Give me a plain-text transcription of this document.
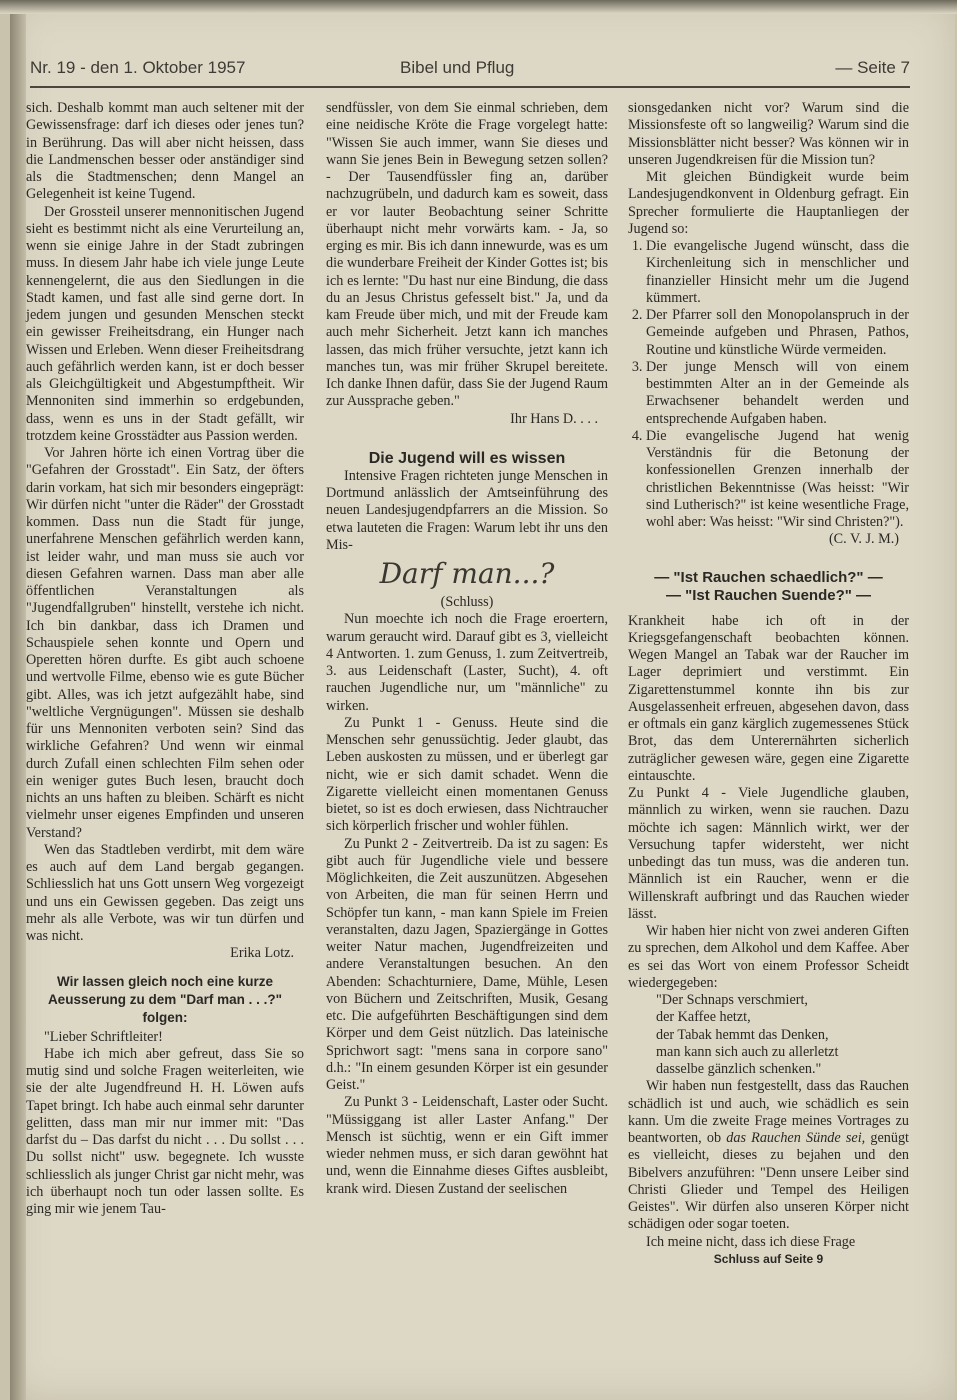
Nr. 19 - den 1. Oktober 1957	Bibel und Pflug	— Seite 7

sich. Deshalb kommt man auch seltener mit der Gewissensfrage: darf ich dieses oder jenes tun? in Berührung. Das will aber nicht heissen, dass die Landmenschen besser oder anständiger sind als die Stadtmenschen; denn Mangel an Gelegenheit ist keine Tugend.

Der Grossteil unserer mennonitischen Jugend sieht es bestimmt nicht als eine Verurteilung an, wenn sie einige Jahre in der Stadt zubringen muss. In diesem Jahr habe ich viele junge Leute kennengelernt, die aus den Siedlungen in die Stadt kamen, und fast alle sind gerne dort. In jedem jungen und gesunden Menschen steckt ein gewisser Freiheitsdrang, ein Hunger nach Wissen und Erleben. Wenn dieser Freiheitsdrang auch gefährlich werden kann, ist er doch besser als Gleichgültigkeit und Abgestumpftheit. Wir Mennoniten sind immerhin so erdgebunden, dass, wenn es uns in der Stadt gefällt, wir trotzdem keine Grosstädter aus Passion werden.

Vor Jahren hörte ich einen Vortrag über die "Gefahren der Grosstadt". Ein Satz, der öfters darin vorkam, hat sich mir besonders eingeprägt: Wir dürfen nicht "unter die Räder" der Grosstadt kommen. Dass nun die Stadt für junge, unerfahrene Menschen gefährlich werden kann, ist leider wahr, und man muss sie auch vor diesen Gefahren warnen. Dass man aber alle öffentlichen Veranstaltungen als "Jugendfallgruben" hinstellt, verstehe ich nicht. Ich bin dankbar, dass ich Dramen und Schauspiele sehen konnte und Opern und Operetten hören durfte. Es gibt auch schoene und wertvolle Filme, ebenso wie es gute Bücher gibt. Alles, was ich jetzt aufgezählt habe, sind "weltliche Vergnügungen". Müssen sie deshalb für uns Mennoniten verboten sein? Sind das wirkliche Gefahren? Und wenn wir einmal durch Zufall einen schlechten Film sehen oder ein weniger gutes Buch lesen, braucht doch nichts an uns haften zu bleiben. Schärft es nicht vielmehr unser eigenes Empfinden und unseren Verstand?

Wen das Stadtleben verdirbt, mit dem wäre es auch auf dem Land bergab gegangen. Schliesslich hat uns Gott unsern Weg vorgezeigt und uns ein Gewissen gegeben. Das zeigt uns mehr als alle Verbote, was wir tun dürfen und was nicht.

Erika Lotz.

Wir lassen gleich noch eine kurze Aeusserung zu dem "Darf man . . .?" folgen:

"Lieber Schriftleiter!

Habe ich mich aber gefreut, dass Sie so mutig sind und solche Fragen weiterleiten, wie sie der alte Jugendfreund H. H. Löwen aufs Tapet bringt. Ich habe auch einmal sehr darunter gelitten, dass man mir nur immer mit: "Das darfst du – Das darfst du nicht . . . Du sollst . . . Du sollst nicht" usw. begegnete. Ich wusste schliesslich als junger Christ gar nicht mehr, was ich überhaupt noch tun oder lassen sollte. Es ging mir wie jenem Tau-

sendfüssler, von dem Sie einmal schrieben, dem eine neidische Kröte die Frage vorgelegt hatte: "Wissen Sie auch immer, wann Sie dieses und wann Sie jenes Bein in Bewegung setzen sollen? - Der Tausendfüssler fing an, darüber nachzugrübeln, und dadurch kam es soweit, dass er vor lauter Beobachtung seiner Schritte überhaupt nicht mehr vorwärts kam. - Ja, so erging es mir. Bis ich dann innewurde, was es um die wunderbare Freiheit der Kinder Gottes ist; bis ich es lernte: "Du hast nur eine Bindung, die dass du an Jesus Christus gefesselt bist." Ja, und da kam Freude über mich, und mit der Freude kam auch mehr Sicherheit. Jetzt kann ich manches lassen, das mich früher versuchte, jetzt kann ich manches tun, was mir früher Skrupel bereitete. Ich danke Ihnen dafür, dass Sie der Jugend Raum zur Aussprache geben."

Ihr Hans D. . . .

Die Jugend will es wissen

Intensive Fragen richteten junge Menschen in Dortmund anlässlich der Amtseinführung des neuen Landesjugendpfarrers an die Mission. So etwa lauteten die Fragen: Warum lebt ihr uns den Mis-

Darf man...?

(Schluss)

Nun moechte ich noch die Frage eroertern, warum geraucht wird. Darauf gibt es 3, vielleicht 4 Antworten. 1. zum Genuss, 1. zum Zeitvertreib, 3. aus Leidenschaft (Laster, Sucht), 4. oft rauchen Jugendliche nur, um "männliche" zu wirken.

Zu Punkt 1 - Genuss. Heute sind die Menschen sehr genussüchtig. Jeder glaubt, das Leben auskosten zu müssen, und er überlegt gar nicht, wie er sich damit schadet. Wenn die Zigarette vielleicht einen momentanen Genuss bietet, so ist es doch erwiesen, dass Nichtraucher sich körperlich frischer und wohler fühlen.

Zu Punkt 2 - Zeitvertreib. Da ist zu sagen: Es gibt auch für Jugendliche viele und bessere Möglichkeiten, die Zeit auszunützen. Abgesehen von Arbeiten, die man für seinen Herrn und Schöpfer tun kann, - man kann Spiele im Freien veranstalten, dazu Jagen, Spaziergänge in Gottes weiter Natur machen, Jugendfreizeiten und andere Veranstaltungen besuchen. An den Abenden: Schachturniere, Dame, Mühle, Lesen von Büchern und Zeitschriften, Musik, Gesang etc. Die aufgeführten Beschäftigungen sind dem Körper und dem Geist nützlich. Das lateinische Sprichwort sagt: "mens sana in corpore sano" d.h.: "In einem gesunden Körper ist ein gesunder Geist."

Zu Punkt 3 - Leidenschaft, Laster oder Sucht. "Müssiggang ist aller Laster Anfang." Der Mensch ist süchtig, wenn er ein Gift immer wieder nehmen muss, er sich daran gewöhnt hat und, wenn die Einnahme dieses Giftes ausbleibt, krank wird. Diesen Zustand der seelischen

sionsgedanken nicht vor? Warum sind die Missionsfeste oft so langweilig? Warum sind die Missionsblätter nicht besser? Was können wir in unseren Jugendkreisen für die Mission tun?

Mit gleichen Bündigkeit wurde beim Landesjugendkonvent in Oldenburg gefragt. Ein Sprecher formulierte die Hauptanliegen der Jugend so:

1. Die evangelische Jugend wünscht, dass die Kirchenleitung sich in menschlicher und finanzieller Hinsicht mehr um die Jugend kümmert.
2. Der Pfarrer soll den Monopolanspruch in der Gemeinde aufgeben und Phrasen, Pathos, Routine und künstliche Würde vermeiden.
3. Der junge Mensch will von einem bestimmten Alter an in der Gemeinde als Erwachsener behandelt werden und entsprechende Aufgaben haben.
4. Die evangelische Jugend hat wenig Verständnis für die Betonung der konfessionellen Grenzen innerhalb der christlichen Bekenntnisse (Was heisst: "Wir sind Lutherisch?" ist keine wesentliche Frage, wohl aber: Was heisst: "Wir sind Christen?").

(C. V. J. M.)

— "Ist Rauchen schaedlich?" —

— "Ist Rauchen Suende?" —

Krankheit habe ich oft in der Kriegsgefangenschaft beobachten können. Wegen Mangel an Tabak war der Raucher im Lager deprimiert und verstimmt. Ein Zigarettenstummel konnte ihn bis zur Ausgelassenheit erfreuen, abgesehen davon, dass er oftmals ein ganz kärglich zugemessenes Stück Brot, das dem Unterernährten sicherlich zuträglicher gewesen wäre, gegen eine Zigarette eintauschte.

Zu Punkt 4 - Viele Jugendliche glauben, männlich zu wirken, wenn sie rauchen. Dazu möchte ich sagen: Männlich wirkt, wer der Versuchung tapfer widersteht, wer nicht unbedingt das tun muss, was die anderen tun. Männlich ist ein Raucher, wenn er die Willenskraft aufbringt und das Rauchen wieder lässt.

Wir haben hier nicht von zwei anderen Giften zu sprechen, dem Alkohol und dem Kaffee. Aber es sei das Wort von einem Professor Scheidt wiedergegeben:

"Der Schnaps verschmiert,

der Kaffee hetzt,

der Tabak hemmt das Denken,

man kann sich auch zu allerletzt

dasselbe gänzlich schenken."

Wir haben nun festgestellt, dass das Rauchen schädlich ist und auch, wie schädlich es sein kann. Um die zweite Frage meines Vortrages zu beantworten, ob das Rauchen Sünde sei, genügt es vielleicht, dieses zu bejahen und den Bibelvers anzuführen: "Denn unsere Leiber sind Christi Glieder und Tempel des Heiligen Geistes". Wir dürfen also unseren Körper nicht schädigen oder sogar toeten.

Ich meine nicht, dass ich diese Frage

Schluss auf Seite 9
